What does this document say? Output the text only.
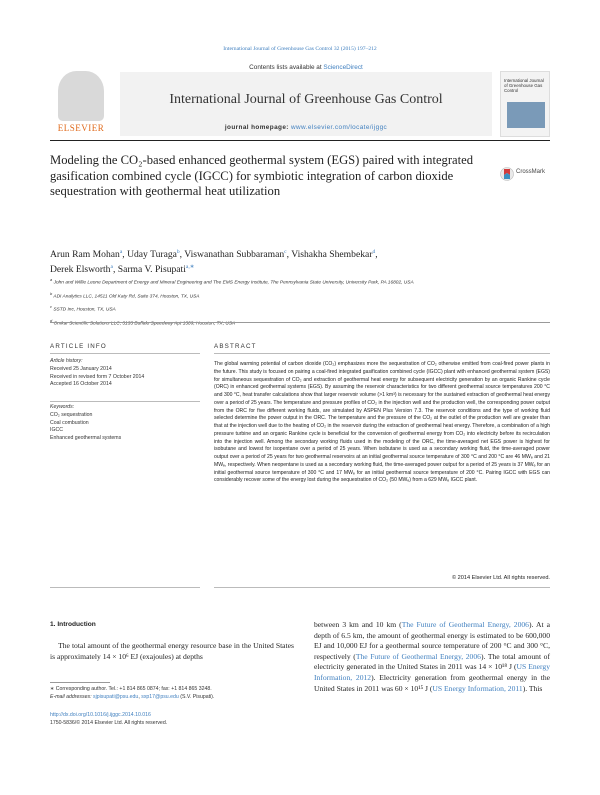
International Journal of Greenhouse Gas Control 32 (2015) 197–212
Contents lists available at ScienceDirect
International Journal of Greenhouse Gas Control
journal homepage: www.elsevier.com/locate/ijggc
ELSEVIER
International Journal of Greenhouse Gas Control
Modeling the CO₂-based enhanced geothermal system (EGS) paired with integrated gasification combined cycle (IGCC) for symbiotic integration of carbon dioxide sequestration with geothermal heat utilization
CrossMark
Arun Ram Mohan$^a$, Uday Turaga$^b$, Viswanathan Subbaraman$^c$, Vishakha Shembekar$^d$,
Derek Elsworth$^a$, Sarma V. Pisupati$^{a,∗}$
$^a$ John and Willie Leone Department of Energy and Mineral Engineering and The EMS Energy Institute, The Pennsylvania State University, University Park, PA 16802, USA
$^b$ ADI Analytics LLC, 14511 Old Katy Rd, Suite 374, Houston, TX, USA
$^c$ SSTD Inc, Houston, TX, USA
$^d$ Omkar Scientific Solutions LLC, 3133 Buffalo Speedway Apt 1309, Houston, TX, USA
ARTICLE INFO	ABSTRACT
Article history:
Received 25 January 2014
Received in revised form 7 October 2014
Accepted 16 October 2014
Keywords:
CO₂ sequestration
Coal combustion
IGCC
Enhanced geothermal systems
The global warming potential of carbon dioxide (CO₂) emphasizes more the sequestration of CO₂ otherwise emitted from coal-fired power plants in the future. This study is focused on pairing a coal-fired integrated gasification combined cycle (IGCC) plant with enhanced geothermal system (EGS) for simultaneous sequestration of CO₂ and extraction of geothermal heat energy for subsequent electricity generation by an organic Rankine cycle (ORC) in enhanced geothermal systems (EGS). By assuming the reservoir characteristics for two different geothermal source temperatures 200 °C and 300 °C, heat transfer calculations show that larger reservoir volume (>1 km³) is necessary for the sustained extraction of geothermal heat energy over a period of 25 years. The temperature and pressure profiles of CO₂ in the injection well and the production well, the corresponding power output from the ORC for five different working fluids, are simulated by ASPEN Plus Version 7.3. The reservoir conditions and the type of working fluid selected determine the power output in the ORC. The temperature and the pressure of the CO₂ at the outlet of the production well are greater than that at the injection well due to the heating of CO₂ in the reservoir during the extraction of geothermal heat energy. Therefore, a combination of a high pressure turbine and an organic Rankine cycle is beneficial for the conversion of geothermal energy from CO₂ into electricity before its recirculation into the injection well. Among the secondary working fluids used in the modeling of the ORC, the time-averaged net EGS power is highest for isobutane and lowest for isopentane over a period of 25 years. When isobutane is used as a secondary working fluid, the time-averaged power output over a period of 25 years for two geothermal reservoirs at an initial geothermal source temperature of 300 °C and 200 °C are 46 MWₑ and 21 MWₑ, respectively. When neopentane is used as a secondary working fluid, the time-averaged power output for a period of 25 years is 37 MWₑ for an initial geothermal source temperature of 300 °C and 17 MWₑ for an initial geothermal source temperature of 200 °C. Pairing IGCC with EGS can considerably recover some of the energy lost during the sequestration of CO₂ (50 MWₑ) from a 629 MWₑ IGCC plant.
© 2014 Elsevier Ltd. All rights reserved.
1. Introduction
The total amount of the geothermal energy resource base in the United States is approximately 14 × 10⁶ EJ (exajoules) at depths
between 3 km and 10 km (The Future of Geothermal Energy, 2006). At a depth of 6.5 km, the amount of geothermal energy is estimated to be 600,000 EJ and 10,000 EJ for a geothermal source temperature of 200 °C and 300 °C, respectively (The Future of Geothermal Energy, 2006). The total amount of electricity generated in the United States in 2011 was 14 × 10¹⁸ J (US Energy Information, 2012). Electricity generation from geothermal energy in the United States in 2011 was 60 × 10¹⁵ J (US Energy Information, 2011). This
∗ Corresponding author. Tel.: +1 814 865 0874; fax: +1 814 865 3248.
E-mail addresses: sjpisupati@psu.edu, sxp17@psu.edu (S.V. Pisupati).
http://dx.doi.org/10.1016/j.ijggc.2014.10.016
1750-5836/© 2014 Elsevier Ltd. All rights reserved.
